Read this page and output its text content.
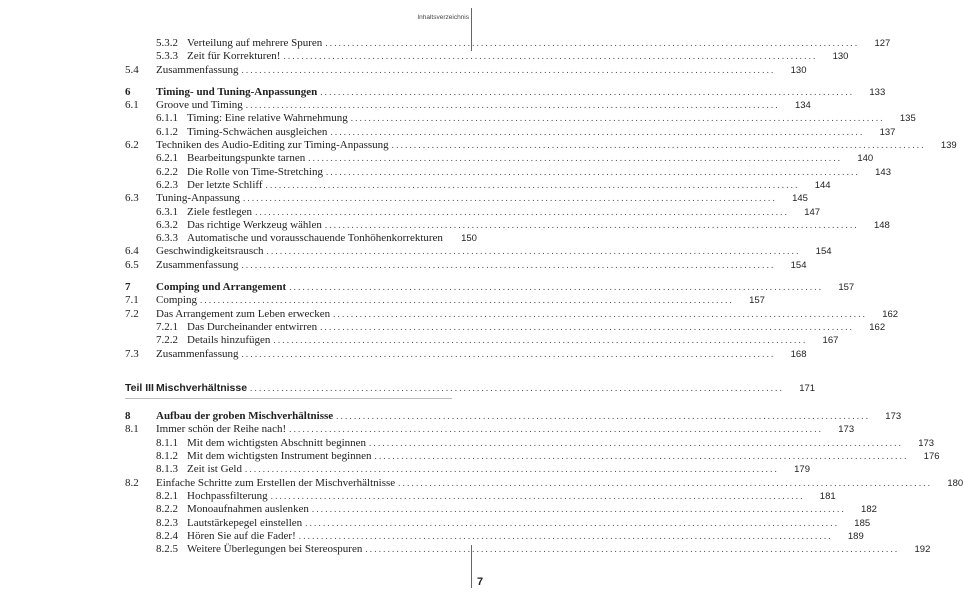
Inhaltsverzeichnis
7
5.3.2 Verteilung auf mehrere Spuren ........................................................................................................................ 127
5.3.3 Zeit für Korrekturen! ........................................................................................................................ 130
5.4	Zusammenfassung ........................................................................................................................ 130
6	Timing- und Tuning-Anpassungen ........................................................................................................................ 133
6.1	Groove und Timing ........................................................................................................................ 134
6.1.1 Timing: Eine relative Wahrnehmung ........................................................................................................................ 135
6.1.2 Timing-Schwächen ausgleichen ........................................................................................................................ 137
6.2	Techniken des Audio-Editing zur Timing-Anpassung ........................................................................................................................ 139
6.2.1 Bearbeitungspunkte tarnen ........................................................................................................................ 140
6.2.2 Die Rolle von Time-Stretching ........................................................................................................................ 143
6.2.3 Der letzte Schliff ........................................................................................................................ 144
6.3	Tuning-Anpassung ........................................................................................................................ 145
6.3.1 Ziele festlegen ........................................................................................................................ 147
6.3.2 Das richtige Werkzeug wählen ........................................................................................................................ 148
6.3.3 Automatische und vorausschauende Tonhöhenkorrekturen 150
6.4	Geschwindigkeitsrausch ........................................................................................................................ 154
6.5	Zusammenfassung ........................................................................................................................ 154
7	Comping und Arrangement ........................................................................................................................ 157
7.1	Comping ........................................................................................................................ 157
7.2	Das Arrangement zum Leben erwecken ........................................................................................................................ 162
7.2.1 Das Durcheinander entwirren ........................................................................................................................ 162
7.2.2 Details hinzufügen ........................................................................................................................ 167
7.3	Zusammenfassung ........................................................................................................................ 168
Teil III Mischverhältnisse ........................................................................................................................ 171
8	Aufbau der groben Mischverhältnisse ........................................................................................................................ 173
8.1	Immer schön der Reihe nach! ........................................................................................................................ 173
8.1.1 Mit dem wichtigsten Abschnitt beginnen ........................................................................................................................ 173
8.1.2 Mit dem wichtigsten Instrument beginnen ........................................................................................................................ 176
8.1.3 Zeit ist Geld ........................................................................................................................ 179
8.2	Einfache Schritte zum Erstellen der Mischverhältnisse ........................................................................................................................ 180
8.2.1 Hochpassfilterung ........................................................................................................................ 181
8.2.2 Monoaufnahmen auslenken ........................................................................................................................ 182
8.2.3 Lautstärkepegel einstellen ........................................................................................................................ 185
8.2.4 Hören Sie auf die Fader! ........................................................................................................................ 189
8.2.5 Weitere Überlegungen bei Stereospuren ........................................................................................................................ 192
